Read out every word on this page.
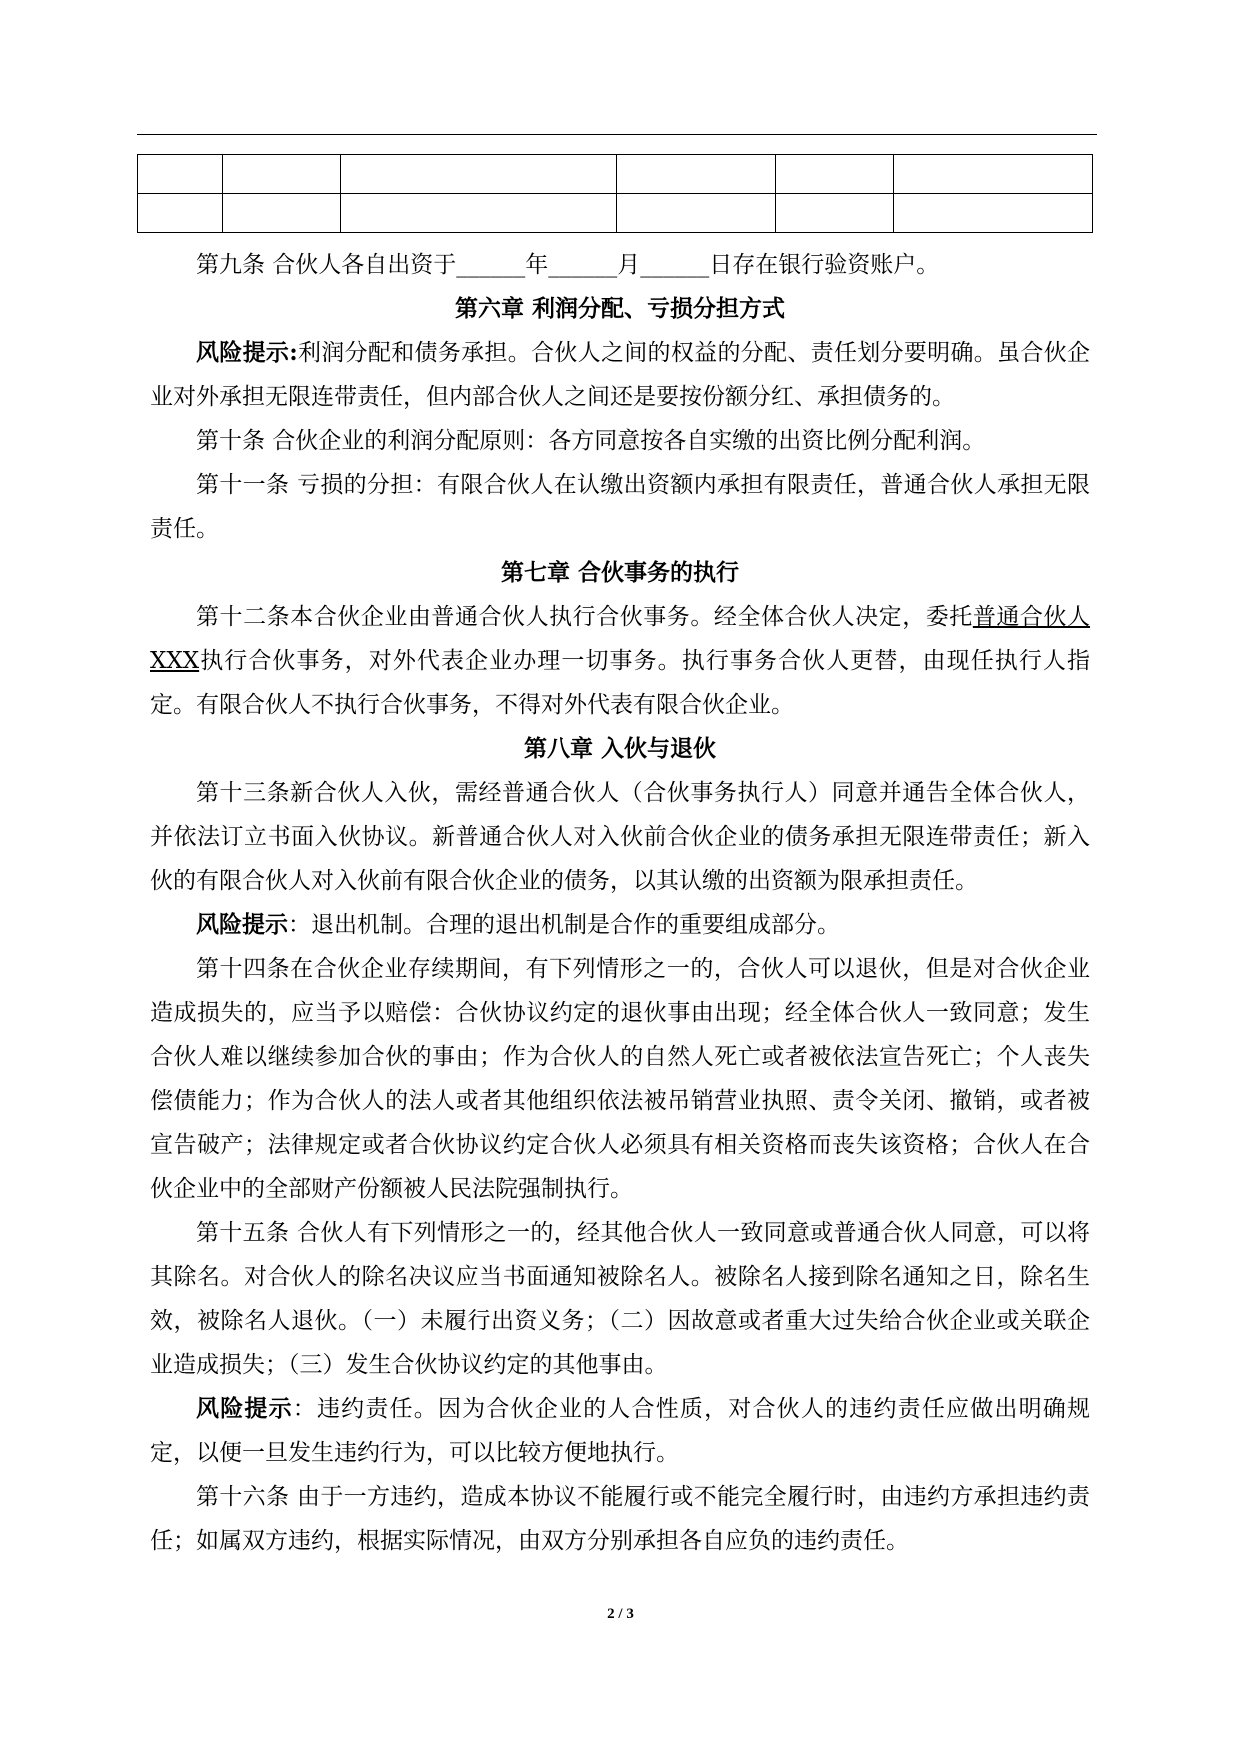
第九条 合伙人各自出资于______年______月______日存在银行验资账户。

第六章 利润分配、亏损分担方式

风险提示:利润分配和债务承担。合伙人之间的权益的分配、责任划分要明确。虽合伙企业对外承担无限连带责任，但内部合伙人之间还是要按份额分红、承担债务的。

第十条 合伙企业的利润分配原则：各方同意按各自实缴的出资比例分配利润。

第十一条 亏损的分担：有限合伙人在认缴出资额内承担有限责任，普通合伙人承担无限责任。

第七章 合伙事务的执行

第十二条本合伙企业由普通合伙人执行合伙事务。经全体合伙人决定，委托普通合伙人 XXX执行合伙事务，对外代表企业办理一切事务。执行事务合伙人更替，由现任执行人指定。有限合伙人不执行合伙事务，不得对外代表有限合伙企业。

第八章 入伙与退伙

第十三条新合伙人入伙，需经普通合伙人（合伙事务执行人）同意并通告全体合伙人，并依法订立书面入伙协议。新普通合伙人对入伙前合伙企业的债务承担无限连带责任；新入伙的有限合伙人对入伙前有限合伙企业的债务，以其认缴的出资额为限承担责任。

风险提示：退出机制。合理的退出机制是合作的重要组成部分。

第十四条在合伙企业存续期间，有下列情形之一的，合伙人可以退伙，但是对合伙企业造成损失的，应当予以赔偿：合伙协议约定的退伙事由出现；经全体合伙人一致同意；发生合伙人难以继续参加合伙的事由；作为合伙人的自然人死亡或者被依法宣告死亡；个人丧失偿债能力；作为合伙人的法人或者其他组织依法被吊销营业执照、责令关闭、撤销，或者被宣告破产；法律规定或者合伙协议约定合伙人必须具有相关资格而丧失该资格；合伙人在合伙企业中的全部财产份额被人民法院强制执行。

第十五条 合伙人有下列情形之一的，经其他合伙人一致同意或普通合伙人同意，可以将其除名。对合伙人的除名决议应当书面通知被除名人。被除名人接到除名通知之日，除名生效，被除名人退伙。（一）未履行出资义务；（二）因故意或者重大过失给合伙企业或关联企业造成损失；（三）发生合伙协议约定的其他事由。

风险提示：违约责任。因为合伙企业的人合性质，对合伙人的违约责任应做出明确规定，以便一旦发生违约行为，可以比较方便地执行。

第十六条 由于一方违约，造成本协议不能履行或不能完全履行时，由违约方承担违约责任；如属双方违约，根据实际情况，由双方分别承担各自应负的违约责任。

2 / 3
